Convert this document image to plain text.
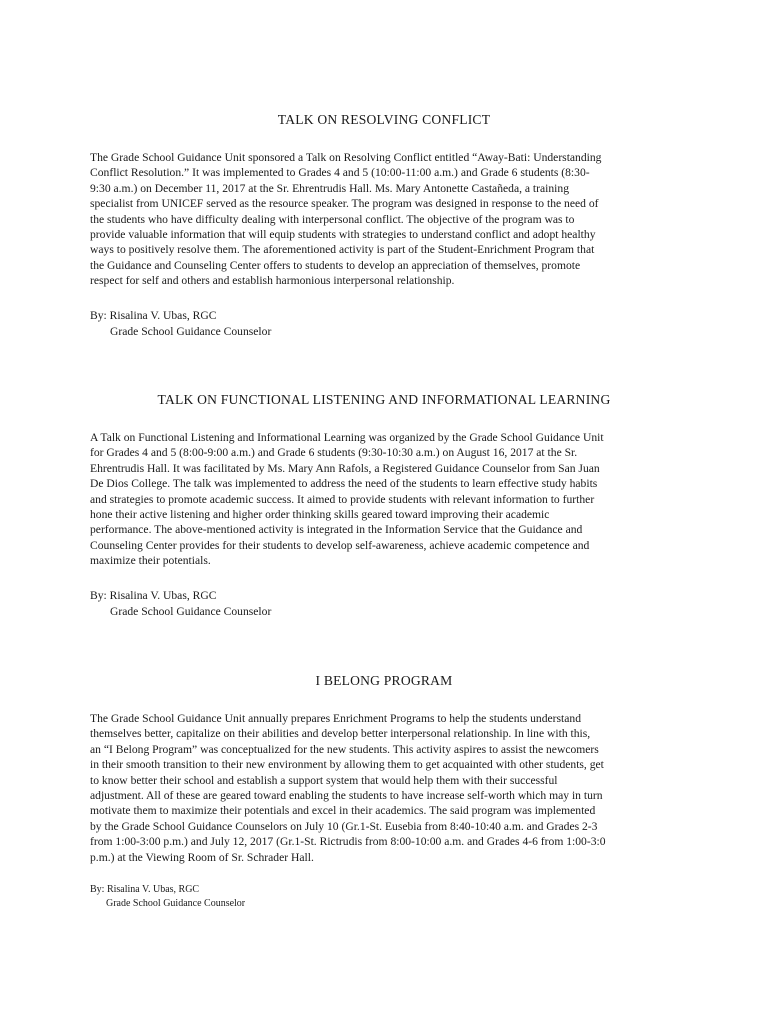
TALK ON RESOLVING CONFLICT
The Grade School Guidance Unit sponsored a Talk on Resolving Conflict entitled “Away-Bati: Understanding
Conflict Resolution.” It was implemented to Grades 4 and 5 (10:00-11:00 a.m.) and Grade 6 students (8:30-
9:30 a.m.) on December 11, 2017 at the Sr. Ehrentrudis Hall. Ms. Mary Antonette Castañeda, a training
specialist from UNICEF served as the resource speaker. The program was designed in response to the need of
the students who have difficulty dealing with interpersonal conflict. The objective of the program was to
provide valuable information that will equip students with strategies to understand conflict and adopt healthy
ways to positively resolve them. The aforementioned activity is part of the Student-Enrichment Program that
the Guidance and Counseling Center offers to students to develop an appreciation of themselves, promote
respect for self and others and establish harmonious interpersonal relationship.
By: Risalina V. Ubas, RGC
Grade School Guidance Counselor
TALK ON FUNCTIONAL LISTENING AND INFORMATIONAL LEARNING
A Talk on Functional Listening and Informational Learning was organized by the Grade School Guidance Unit
for Grades 4 and 5 (8:00-9:00 a.m.) and Grade 6 students (9:30-10:30 a.m.) on August 16, 2017 at the Sr.
Ehrentrudis Hall. It was facilitated by Ms. Mary Ann Rafols, a Registered Guidance Counselor from San Juan
De Dios College. The talk was implemented to address the need of the students to learn effective study habits
and strategies to promote academic success. It aimed to provide students with relevant information to further
hone their active listening and higher order thinking skills geared toward improving their academic
performance. The above-mentioned activity is integrated in the Information Service that the Guidance and
Counseling Center provides for their students to develop self-awareness, achieve academic competence and
maximize their potentials.
By: Risalina V. Ubas, RGC
Grade School Guidance Counselor
I BELONG PROGRAM
The Grade School Guidance Unit annually prepares Enrichment Programs to help the students understand
themselves better, capitalize on their abilities and develop better interpersonal relationship. In line with this,
an “I Belong Program” was conceptualized for the new students. This activity aspires to assist the newcomers
in their smooth transition to their new environment by allowing them to get acquainted with other students, get
to know better their school and establish a support system that would help them with their successful
adjustment. All of these are geared toward enabling the students to have increase self-worth which may in turn
motivate them to maximize their potentials and excel in their academics. The said program was implemented
by the Grade School Guidance Counselors on July 10 (Gr.1-St. Eusebia from 8:40-10:40 a.m. and Grades 2-3
from 1:00-3:00 p.m.) and July 12, 2017 (Gr.1-St. Rictrudis from 8:00-10:00 a.m. and Grades 4-6 from 1:00-3:0
p.m.) at the Viewing Room of Sr. Schrader Hall.
By: Risalina V. Ubas, RGC
Grade School Guidance Counselor
